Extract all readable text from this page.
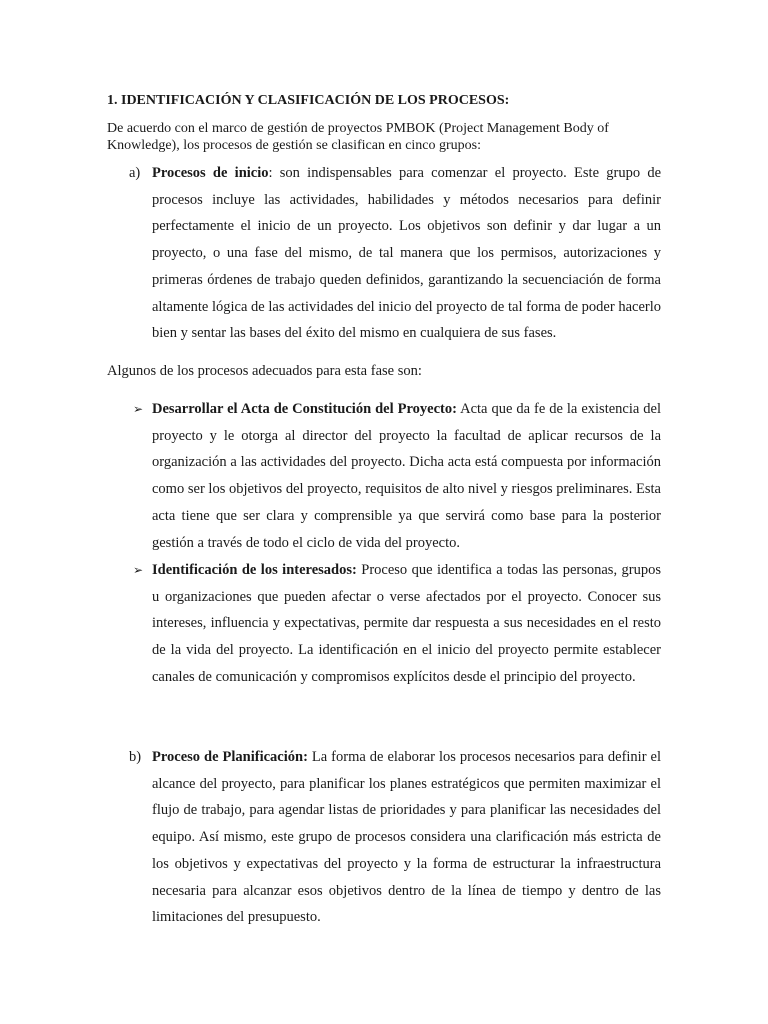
1. IDENTIFICACIÓN Y CLASIFICACIÓN DE LOS PROCESOS:
De acuerdo con el marco de gestión de proyectos PMBOK (Project Management Body of Knowledge), los procesos de gestión se clasifican en cinco grupos:
a) Procesos de inicio: son indispensables para comenzar el proyecto. Este grupo de procesos incluye las actividades, habilidades y métodos necesarios para definir perfectamente el inicio de un proyecto. Los objetivos son definir y dar lugar a un proyecto, o una fase del mismo, de tal manera que los permisos, autorizaciones y primeras órdenes de trabajo queden definidos, garantizando la secuenciación de forma altamente lógica de las actividades del inicio del proyecto de tal forma de poder hacerlo bien y sentar las bases del éxito del mismo en cualquiera de sus fases.
Algunos de los procesos adecuados para esta fase son:
➢ Desarrollar el Acta de Constitución del Proyecto: Acta que da fe de la existencia del proyecto y le otorga al director del proyecto la facultad de aplicar recursos de la organización a las actividades del proyecto. Dicha acta está compuesta por información como ser los objetivos del proyecto, requisitos de alto nivel y riesgos preliminares. Esta acta tiene que ser clara y comprensible ya que servirá como base para la posterior gestión a través de todo el ciclo de vida del proyecto.
➢ Identificación de los interesados: Proceso que identifica a todas las personas, grupos u organizaciones que pueden afectar o verse afectados por el proyecto. Conocer sus intereses, influencia y expectativas, permite dar respuesta a sus necesidades en el resto de la vida del proyecto. La identificación en el inicio del proyecto permite establecer canales de comunicación y compromisos explícitos desde el principio del proyecto.
b) Proceso de Planificación: La forma de elaborar los procesos necesarios para definir el alcance del proyecto, para planificar los planes estratégicos que permiten maximizar el flujo de trabajo, para agendar listas de prioridades y para planificar las necesidades del equipo. Así mismo, este grupo de procesos considera una clarificación más estricta de los objetivos y expectativas del proyecto y la forma de estructurar la infraestructura necesaria para alcanzar esos objetivos dentro de la línea de tiempo y dentro de las limitaciones del presupuesto.
